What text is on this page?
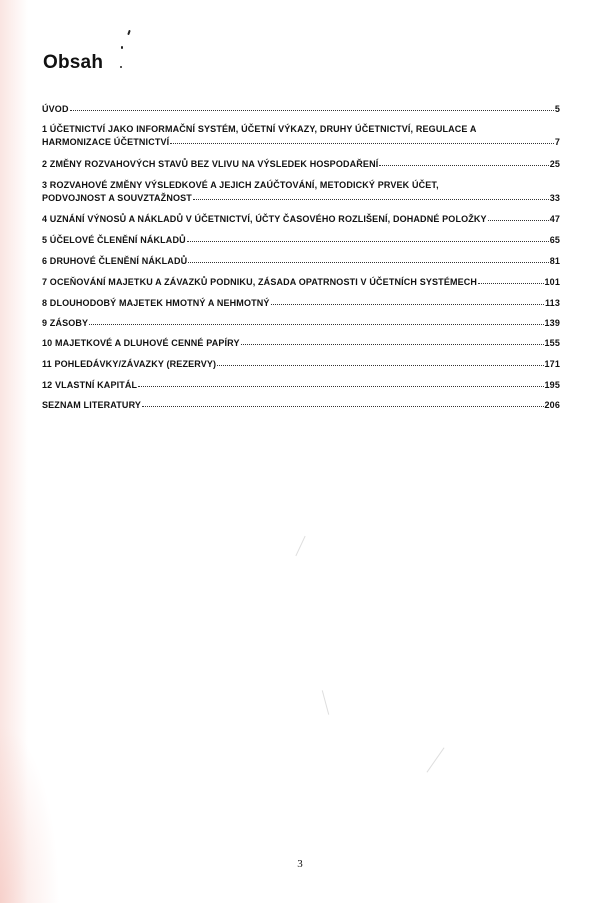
Obsah
ÚVOD	5
1 ÚČETNICTVÍ JAKO INFORMAČNÍ SYSTÉM, ÚČETNÍ VÝKAZY, DRUHY ÚČETNICTVÍ, REGULACE A
HARMONIZACE ÚČETNICTVÍ	7
2 ZMĚNY ROZVAHOVÝCH STAVŮ BEZ VLIVU NA VÝSLEDEK HOSPODAŘENÍ	25
3 ROZVAHOVÉ ZMĚNY VÝSLEDKOVÉ A JEJICH ZAÚČTOVÁNÍ, METODICKÝ PRVEK ÚČET,
PODVOJNOST A SOUVZTAŽNOST	33
4 UZNÁNÍ VÝNOSŮ A NÁKLADŮ V ÚČETNICTVÍ, ÚČTY ČASOVÉHO ROZLIŠENÍ, DOHADNÉ POLOŽKY	47
5 ÚČELOVÉ ČLENĚNÍ NÁKLADŮ	65
6 DRUHOVÉ ČLENĚNÍ NÁKLADŮ	81
7 OCEŇOVÁNÍ MAJETKU A ZÁVAZKŮ PODNIKU, ZÁSADA OPATRNOSTI V ÚČETNÍCH SYSTÉMECH	101
8 DLOUHODOBÝ MAJETEK HMOTNÝ A NEHMOTNÝ	113
9 ZÁSOBY	139
10 MAJETKOVÉ A DLUHOVÉ CENNÉ PAPÍRY	155
11 POHLEDÁVKY/ZÁVAZKY (REZERVY)	171
12 VLASTNÍ KAPITÁL	195
SEZNAM LITERATURY	206
3
